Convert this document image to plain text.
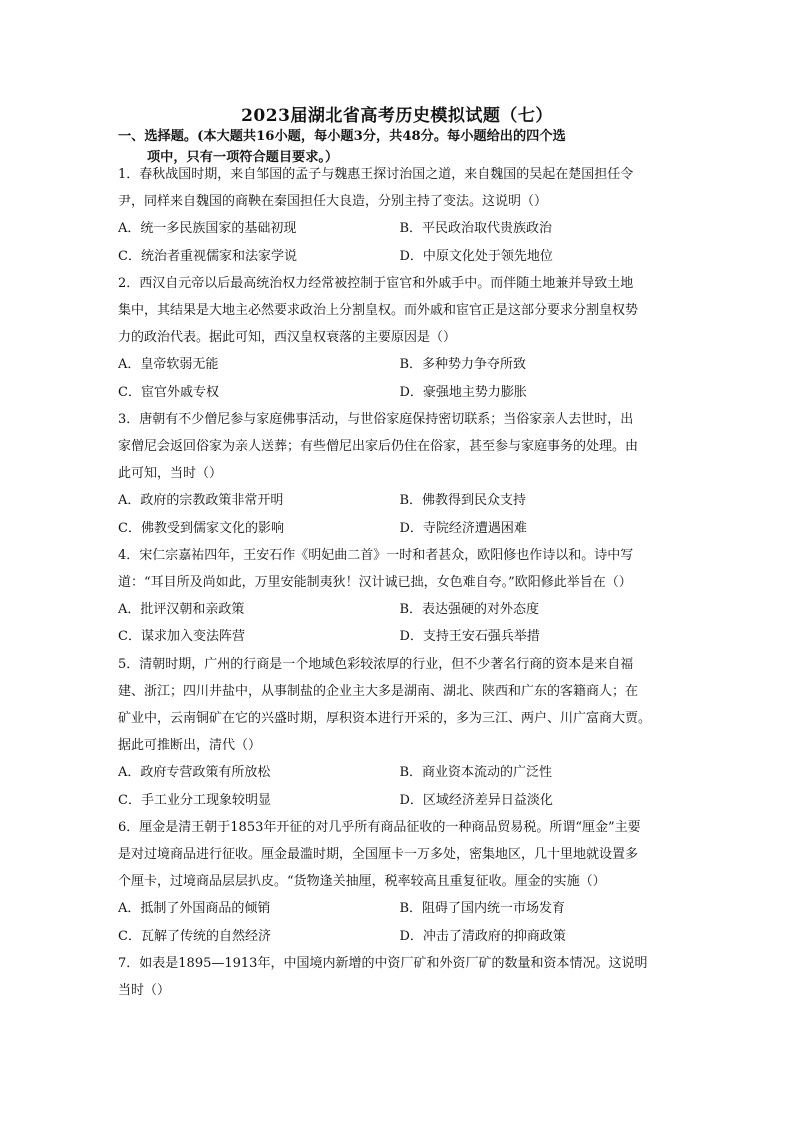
2023届湖北省高考历史模拟试题（七）
一、选择题。(本大题共16小题，每小题3分，共48分。每小题给出的四个选
项中，只有一项符合题目要求。）
1．春秋战国时期，来自邹国的孟子与魏惠王探讨治国之道，来自魏国的吴起在楚国担任令
尹，同样来自魏国的商鞅在秦国担任大良造，分别主持了变法。这说明（）
A．统一多民族国家的基础初现	B．平民政治取代贵族政治
C．统治者重视儒家和法家学说	D．中原文化处于领先地位
2．西汉自元帝以后最高统治权力经常被控制于宦官和外戚手中。而伴随土地兼并导致土地
集中，其结果是大地主必然要求政治上分割皇权。而外戚和宦官正是这部分要求分割皇权势
力的政治代表。据此可知，西汉皇权衰落的主要原因是（）
A．皇帝软弱无能	B．多种势力争夺所致
C．宦官外戚专权	D．豪强地主势力膨胀
3．唐朝有不少僧尼参与家庭佛事活动，与世俗家庭保持密切联系；当俗家亲人去世时，出
家僧尼会返回俗家为亲人送葬；有些僧尼出家后仍住在俗家，甚至参与家庭事务的处理。由
此可知，当时（）
A．政府的宗教政策非常开明	B．佛教得到民众支持
C．佛教受到儒家文化的影响	D．寺院经济遭遇困难
4．宋仁宗嘉祐四年，王安石作《明妃曲二首》一时和者甚众，欧阳修也作诗以和。诗中写
道：“耳目所及尚如此，万里安能制夷狄！汉计诚已拙，女色难自夸。”欧阳修此举旨在（）
A．批评汉朝和亲政策	B．表达强硬的对外态度
C．谋求加入变法阵营	D．支持王安石强兵举措
5．清朝时期，广州的行商是一个地域色彩较浓厚的行业，但不少著名行商的资本是来自福
建、浙江；四川井盐中，从事制盐的企业主大多是湖南、湖北、陕西和广东的客籍商人；在
矿业中，云南铜矿在它的兴盛时期，厚积资本进行开采的，多为三江、两户、川广富商大贾。
据此可推断出，清代（）
A．政府专营政策有所放松	B．商业资本流动的广泛性
C．手工业分工现象较明显	D．区域经济差异日益淡化
6．厘金是清王朝于1853年开征的对几乎所有商品征收的一种商品贸易税。所谓“厘金”主要
是对过境商品进行征收。厘金最滥时期，全国厘卡一万多处，密集地区，几十里地就设置多
个厘卡，过境商品层层扒皮。“货物逢关抽厘，税率较高且重复征收。厘金的实施（）
A．抵制了外国商品的倾销	B．阻碍了国内统一市场发育
C．瓦解了传统的自然经济	D．冲击了清政府的抑商政策
7．如表是1895—1913年，中国境内新增的中资厂矿和外资厂矿的数量和资本情况。这说明
当时（）
